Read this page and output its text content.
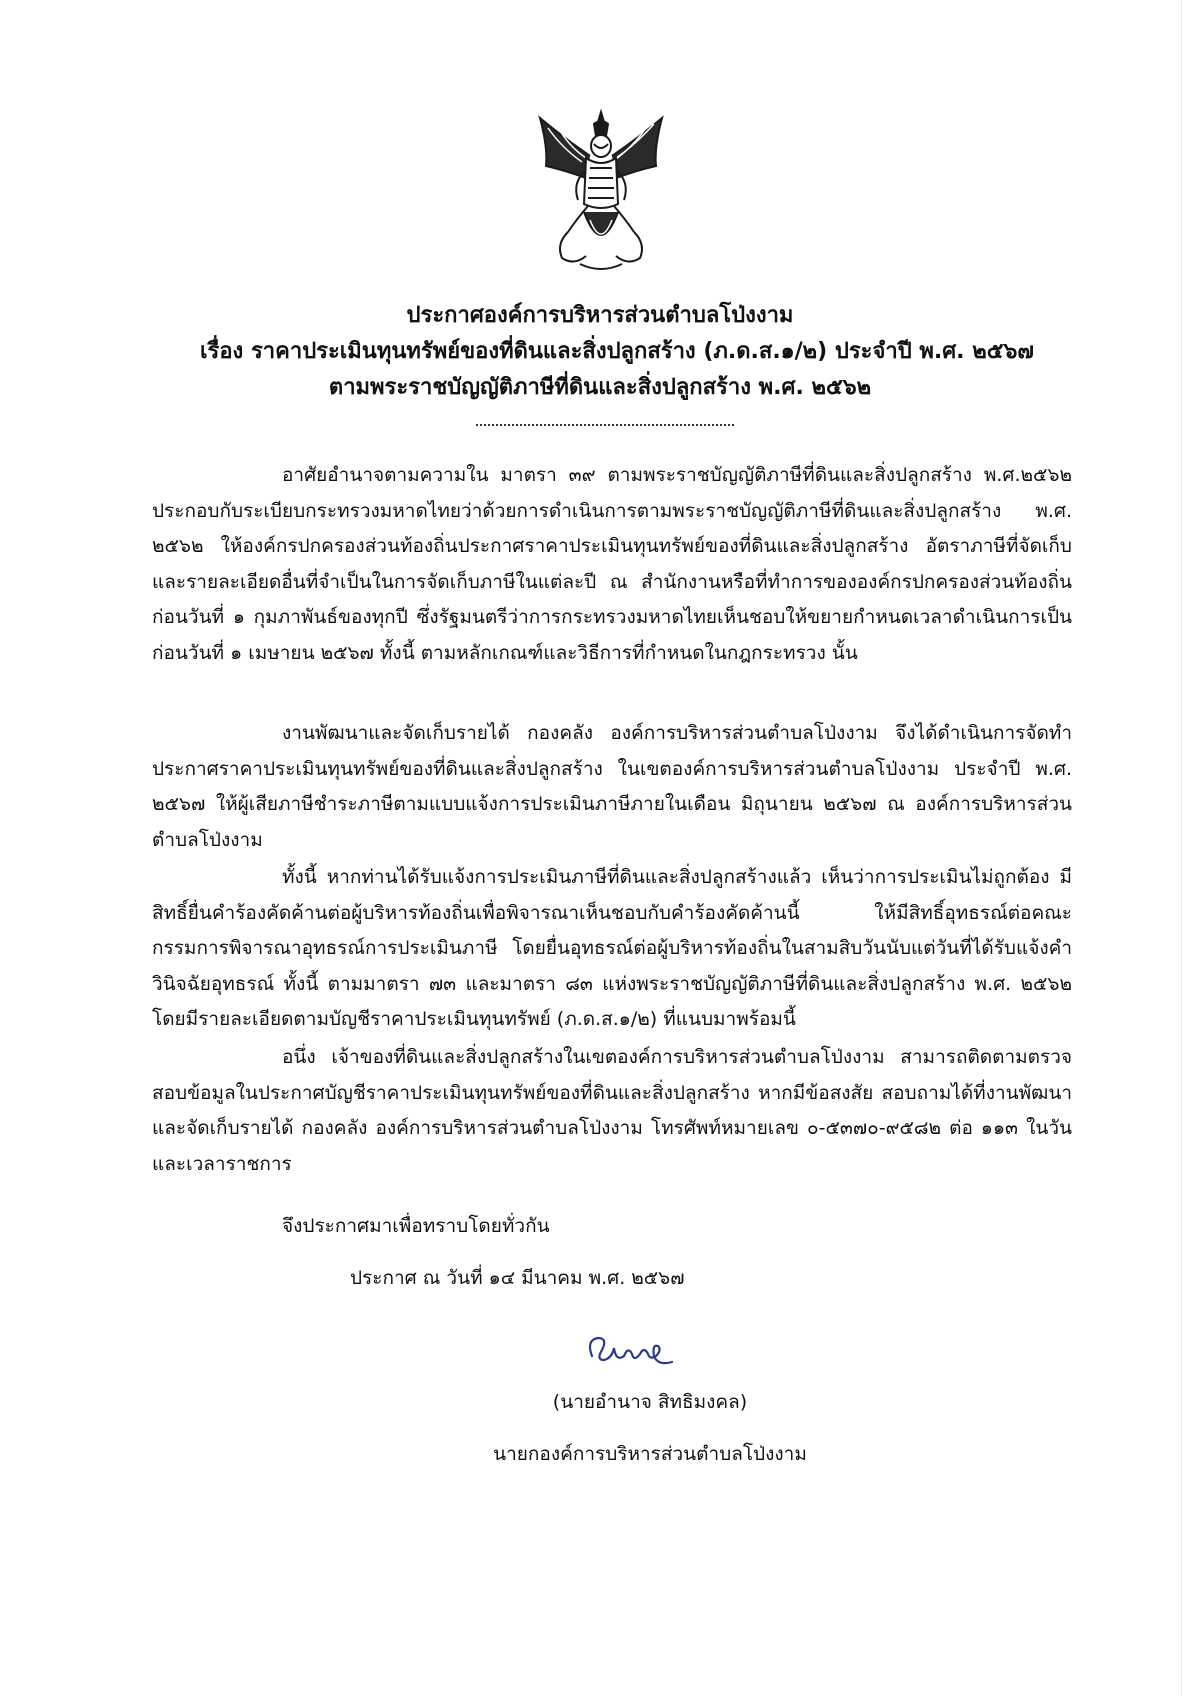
ประกาศองค์การบริหารส่วนตำบลโป่งงาม
เรื่อง ราคาประเมินทุนทรัพย์ของที่ดินและสิ่งปลูกสร้าง (ภ.ด.ส.๑/๒) ประจำปี พ.ศ. ๒๕๖๗
ตามพระราชบัญญัติภาษีที่ดินและสิ่งปลูกสร้าง พ.ศ. ๒๕๖๒

อาศัยอำนาจตามความใน มาตรา ๓๙ ตามพระราชบัญญัติภาษีที่ดินและสิ่งปลูกสร้าง พ.ศ.๒๕๖๒ ประกอบกับระเบียบกระทรวงมหาดไทยว่าด้วยการดำเนินการตามพระราชบัญญัติภาษีที่ดินและสิ่งปลูกสร้าง พ.ศ. ๒๕๖๒ ให้องค์กรปกครองส่วนท้องถิ่นประกาศราคาประเมินทุนทรัพย์ของที่ดินและสิ่งปลูกสร้าง อัตราภาษีที่จัดเก็บและรายละเอียดอื่นที่จำเป็นในการจัดเก็บภาษีในแต่ละปี ณ สำนักงานหรือที่ทำการขององค์กรปกครองส่วนท้องถิ่นก่อนวันที่ ๑ กุมภาพันธ์ของทุกปี ซึ่งรัฐมนตรีว่าการกระทรวงมหาดไทยเห็นชอบให้ขยายกำหนดเวลาดำเนินการเป็นก่อนวันที่ ๑ เมษายน ๒๕๖๗ ทั้งนี้ ตามหลักเกณฑ์และวิธีการที่กำหนดในกฎกระทรวง นั้น

งานพัฒนาและจัดเก็บรายได้ กองคลัง องค์การบริหารส่วนตำบลโป่งงาม จึงได้ดำเนินการจัดทำประกาศราคาประเมินทุนทรัพย์ของที่ดินและสิ่งปลูกสร้าง ในเขตองค์การบริหารส่วนตำบลโป่งงาม ประจำปี พ.ศ. ๒๕๖๗ ให้ผู้เสียภาษีชำระภาษีตามแบบแจ้งการประเมินภาษีภายในเดือน มิถุนายน ๒๕๖๗ ณ องค์การบริหารส่วนตำบลโป่งงาม

ทั้งนี้ หากท่านได้รับแจ้งการประเมินภาษีที่ดินและสิ่งปลูกสร้างแล้ว เห็นว่าการประเมินไม่ถูกต้อง มีสิทธิ์ยื่นคำร้องคัดค้านต่อผู้บริหารท้องถิ่นเพื่อพิจารณาเห็นชอบกับคำร้องคัดค้านนี้ ให้มีสิทธิ์อุทธรณ์ต่อคณะกรรมการพิจารณาอุทธรณ์การประเมินภาษี โดยยื่นอุทธรณ์ต่อผู้บริหารท้องถิ่นในสามสิบวันนับแต่วันที่ได้รับแจ้งคำวินิจฉัยอุทธรณ์ ทั้งนี้ ตามมาตรา ๗๓ และมาตรา ๘๓ แห่งพระราชบัญญัติภาษีที่ดินและสิ่งปลูกสร้าง พ.ศ. ๒๕๖๒ โดยมีรายละเอียดตามบัญชีราคาประเมินทุนทรัพย์ (ภ.ด.ส.๑/๒) ที่แนบมาพร้อมนี้

อนึ่ง เจ้าของที่ดินและสิ่งปลูกสร้างในเขตองค์การบริหารส่วนตำบลโป่งงาม สามารถติดตามตรวจสอบข้อมูลในประกาศบัญชีราคาประเมินทุนทรัพย์ของที่ดินและสิ่งปลูกสร้าง หากมีข้อสงสัย สอบถามได้ที่งานพัฒนาและจัดเก็บรายได้ กองคลัง องค์การบริหารส่วนตำบลโป่งงาม โทรศัพท์หมายเลข ๐-๕๓๗๐-๙๕๘๒ ต่อ ๑๑๓ ในวันและเวลาราชการ

จึงประกาศมาเพื่อทราบโดยทั่วกัน
ประกาศ ณ วันที่ ๑๔ มีนาคม พ.ศ. ๒๕๖๗
(นายอำนาจ สิทธิมงคล)
นายกองค์การบริหารส่วนตำบลโป่งงาม
